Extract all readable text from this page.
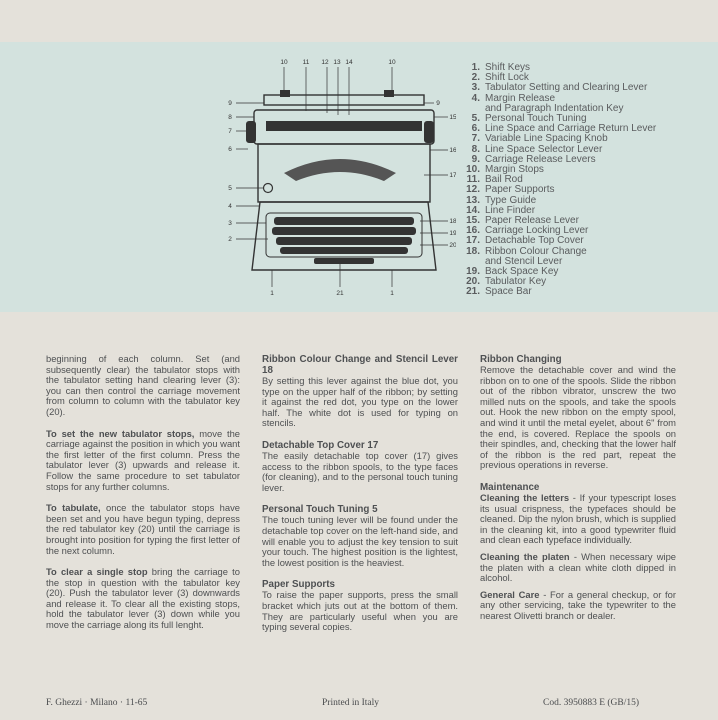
10 11 12 13 14	10
9
8
7
6
5
4
3
2
9
15
16
17
18
19
20
1	21	1
1. Shift Keys
2. Shift Lock
3. Tabulator Setting and Clearing Lever
4. Margin Release
and Paragraph Indentation Key
5. Personal Touch Tuning
6. Line Space and Carriage Return Lever
7. Variable Line Spacing Knob
8. Line Space Selector Lever
9. Carriage Release Levers
10. Margin Stops
11. Bail Rod
12. Paper Supports
13. Type Guide
14. Line Finder
15. Paper Release Lever
16. Carriage Locking Lever
17. Detachable Top Cover
18. Ribbon Colour Change
and Stencil Lever
19. Back Space Key
20. Tabulator Key
21. Space Bar

beginning of each column. Set (and subsequently clear) the tabulator stops with the tabulator setting hand clearing lever (3): you can then control the carriage movement from column to column with the tabulator key (20).

To set the new tabulator stops, move the carriage against the position in which you want the first letter of the first column. Press the tabulator lever (3) upwards and release it. Follow the same procedure to set tabulator stops for any further columns.

To tabulate, once the tabulator stops have been set and you have begun typing, depress the red tabulator key (20) until the carriage is brought into position for typing the first letter of the next column.

To clear a single stop bring the carriage to the stop in question with the tabulator key (20). Push the tabulator lever (3) downwards and release it. To clear all the existing stops, hold the tabulator lever (3) down while you move the carriage along its full lenght.

Ribbon Colour Change and Stencil Lever 18

By setting this lever against the blue dot, you type on the upper half of the ribbon; by setting it against the red dot, you type on the lower half. The white dot is used for typing on stencils.

Detachable Top Cover 17

The easily detachable top cover (17) gives access to the ribbon spools, to the type faces (for cleaning), and to the personal touch tuning lever.

Personal Touch Tuning 5

The touch tuning lever will be found under the detachable top cover on the left-hand side, and will enable you to adjust the key tension to suit your touch. The highest position is the lightest, the lowest position is the heaviest.

Paper Supports

To raise the paper supports, press the small bracket which juts out at the bottom of them. They are particularly useful when you are typing several copies.

Ribbon Changing

Remove the detachable cover and wind the ribbon on to one of the spools. Slide the ribbon out of the ribbon vibrator, unscrew the two milled nuts on the spools, and take the spools out. Hook the new ribbon on the empty spool, and wind it until the metal eyelet, about 6" from the end, is covered. Replace the spools on their spindles, and, checking that the lower half of the ribbon is the red part, repeat the previous operations in reverse.

Maintenance

Cleaning the letters - If your typescript loses its usual crispness, the typefaces should be cleaned. Dip the nylon brush, which is supplied in the cleaning kit, into a good typewriter fluid and clean each typeface individually.

Cleaning the platen - When necessary wipe the platen with a clean white cloth dipped in alcohol.

General Care - For a general checkup, or for any other servicing, take the typewriter to the nearest Olivetti branch or dealer.

F. Ghezzi · Milano · 11-65	Printed in Italy	Cod. 3950883 E (GB/15)
